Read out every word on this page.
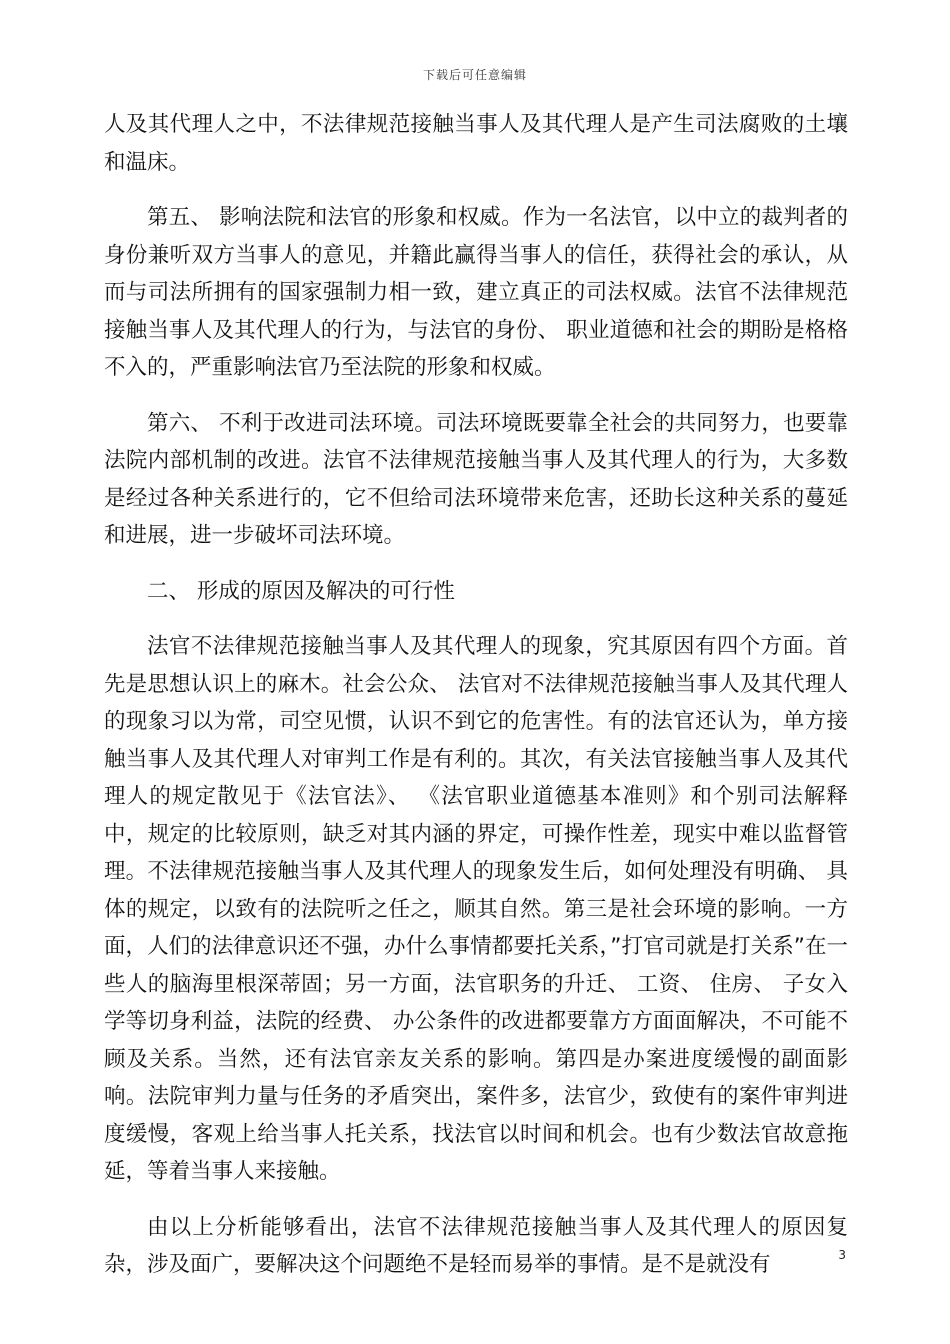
下载后可任意编辑

人及其代理人之中，不法律规范接触当事人及其代理人是产生司法腐败的土壤和温床。

第五、 影响法院和法官的形象和权威。作为一名法官，以中立的裁判者的身份兼听双方当事人的意见，并籍此赢得当事人的信任，获得社会的承认，从而与司法所拥有的国家强制力相一致，建立真正的司法权威。法官不法律规范接触当事人及其代理人的行为，与法官的身份、 职业道德和社会的期盼是格格不入的，严重影响法官乃至法院的形象和权威。

第六、 不利于改进司法环境。司法环境既要靠全社会的共同努力，也要靠法院内部机制的改进。法官不法律规范接触当事人及其代理人的行为，大多数是经过各种关系进行的，它不但给司法环境带来危害，还助长这种关系的蔓延和进展，进一步破坏司法环境。

二、 形成的原因及解决的可行性

法官不法律规范接触当事人及其代理人的现象，究其原因有四个方面。首先是思想认识上的麻木。社会公众、 法官对不法律规范接触当事人及其代理人的现象习以为常，司空见惯，认识不到它的危害性。有的法官还认为，单方接触当事人及其代理人对审判工作是有利的。其次，有关法官接触当事人及其代理人的规定散见于《法官法》、 《法官职业道德基本准则》和个别司法解释中，规定的比较原则，缺乏对其内涵的界定，可操作性差，现实中难以监督管理。不法律规范接触当事人及其代理人的现象发生后，如何处理没有明确、 具体的规定，以致有的法院听之任之，顺其自然。第三是社会环境的影响。一方面，人们的法律意识还不强，办什么事情都要托关系，”打官司就是打关系”在一些人的脑海里根深蒂固；另一方面，法官职务的升迁、 工资、 住房、 子女入学等切身利益，法院的经费、 办公条件的改进都要靠方方面面解决，不可能不顾及关系。当然，还有法官亲友关系的影响。第四是办案进度缓慢的副面影响。法院审判力量与任务的矛盾突出，案件多，法官少，致使有的案件审判进度缓慢，客观上给当事人托关系，找法官以时间和机会。也有少数法官故意拖延，等着当事人来接触。

由以上分析能够看出，法官不法律规范接触当事人及其代理人的原因复杂，涉及面广，要解决这个问题绝不是轻而易举的事情。是不是就没有	3
